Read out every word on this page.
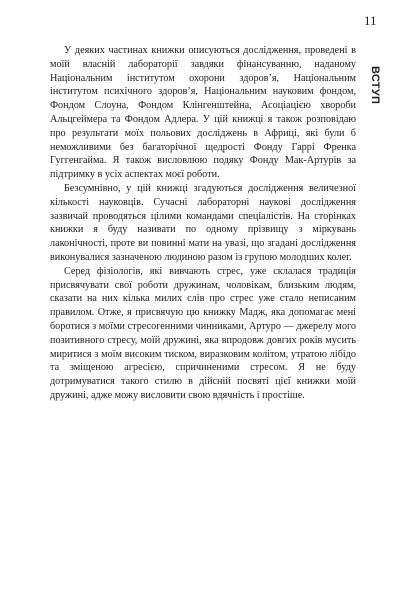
11
ВСТУП

У деяких частинах книжки описуються дослідження, проведені в моїй власній лабораторії завдяки фінансуванню, наданому Національним інститутом охорони здоров’я, Національним інститутом психічного здоров’я, Національним науковим фондом, Фондом Слоуна, Фондом Клінгенштейна, Асоціацією хвороби Альцгеймера та Фондом Адлера. У цій книжці я також розповідаю про результати моїх польових досліджень в Африці, які були б неможливими без багаторічної щедрості Фонду Гаррі Френка Гуггенгайма. Я також висловлюю подяку Фонду Мак-Артурів за підтримку в усіх аспектах моєї роботи.

Безсумнівно, у цій книжці згадуються дослідження величезної кількості науковців. Сучасні лабораторні наукові дослідження зазвичай проводяться цілими командами спеціалістів. На сторінках книжки я буду називати по одному прізвищу з міркувань лаконічності, проте ви повинні мати на увазі, що згадані дослідження виконувалися зазначеною людиною разом із групою молодших колег.

Серед фізіологів, які вивчають стрес, уже склалася традиція присвячувати свої роботи дружинам, чоловікам, близьким людям, сказати на них кілька милих слів про стрес уже стало неписаним правилом. Отже, я присвячую цю книжку Мадж, яка допомагає мені боротися з моїми стресогенними чинниками, Артуро — джерелу мого позитивного стресу, моїй дружині, яка впродовж довгих років мусить миритися з моїм високим тиском, виразковим колітом, утратою лібідо та зміщеною агресією, спричиненими стресом. Я не буду дотримуватися такого стилю в дійсній посвяті цієї книжки моїй дружині, адже можу висловити свою вдячність і простіше.
